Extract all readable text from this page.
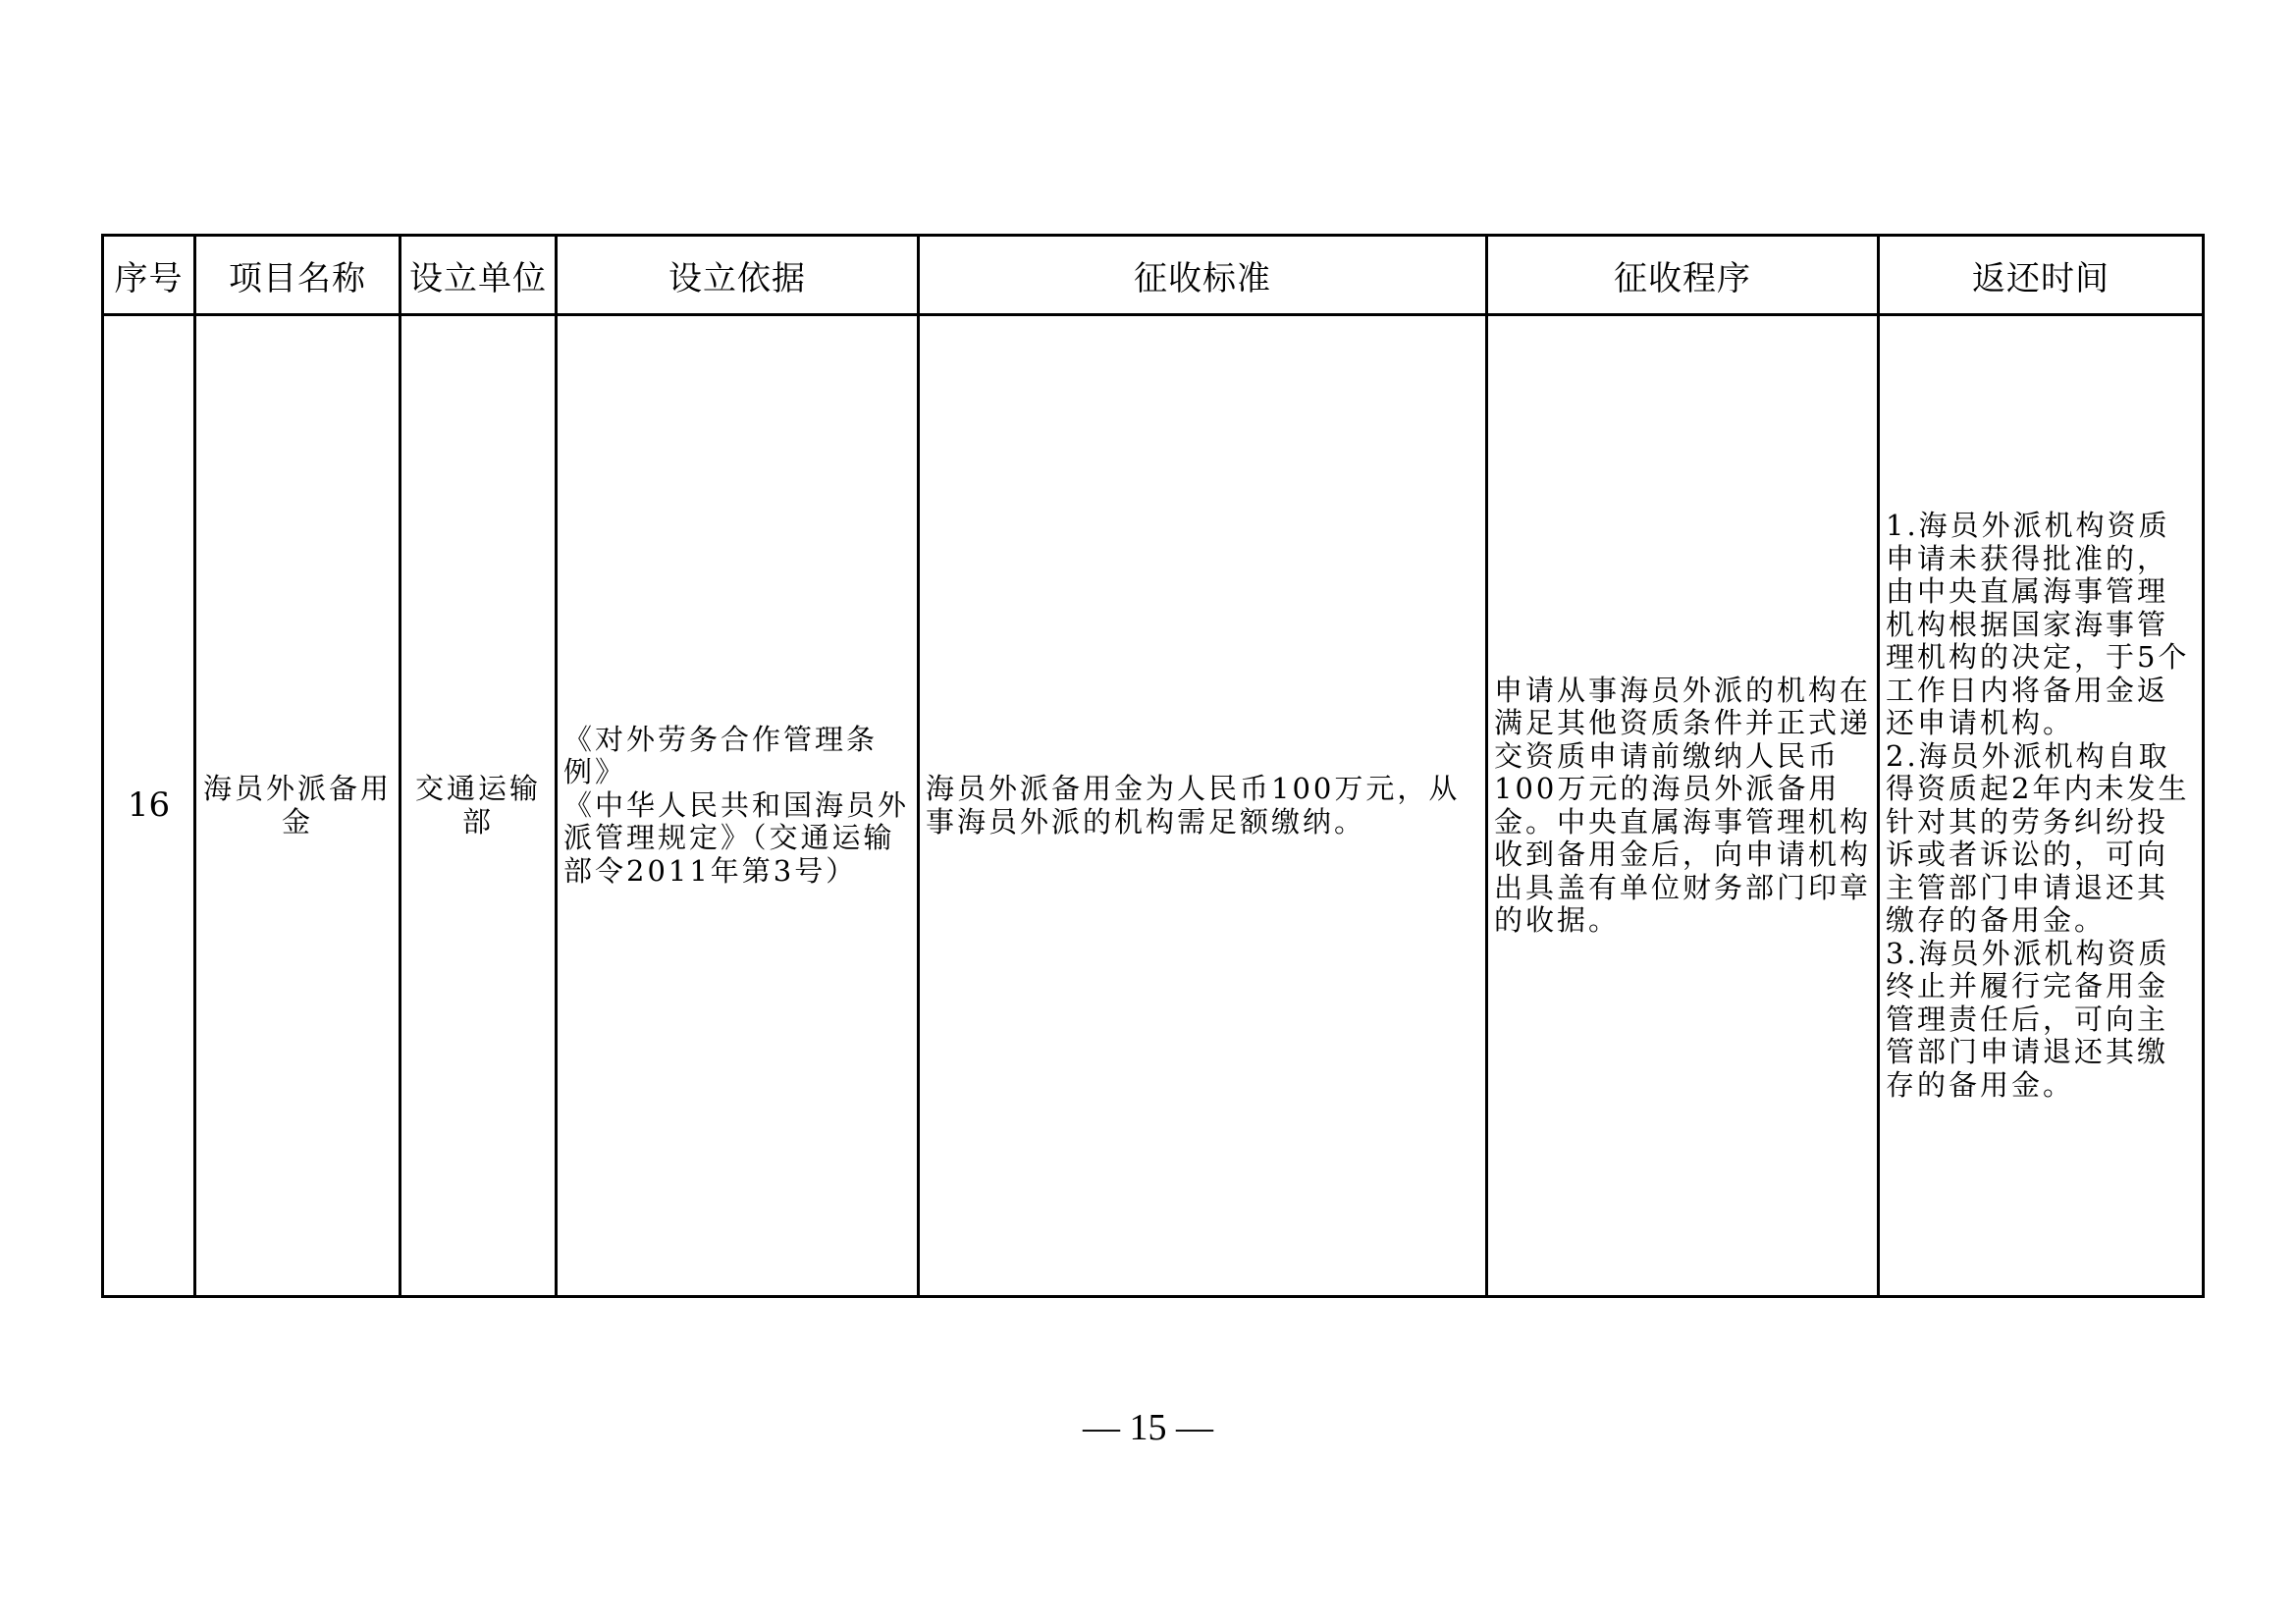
序号	项目名称	设立单位	设立依据	征收标准	征收程序	返还时间
16	海员外派备用金	交通运输部	《对外劳务合作管理条例》
《中华人民共和国海员外派管理规定》（交通运输部令2011年第3号）	海员外派备用金为人民币100万元，从事海员外派的机构需足额缴纳。	申请从事海员外派的机构在满足其他资质条件并正式递交资质申请前缴纳人民币100万元的海员外派备用金。中央直属海事管理机构收到备用金后，向申请机构出具盖有单位财务部门印章的收据。	1.海员外派机构资质申请未获得批准的，由中央直属海事管理机构根据国家海事管理机构的决定，于5个工作日内将备用金返还申请机构。
2.海员外派机构自取得资质起2年内未发生针对其的劳务纠纷投诉或者诉讼的，可向主管部门申请退还其缴存的备用金。
3.海员外派机构资质终止并履行完备用金管理责任后，可向主管部门申请退还其缴存的备用金。
— 15 —
